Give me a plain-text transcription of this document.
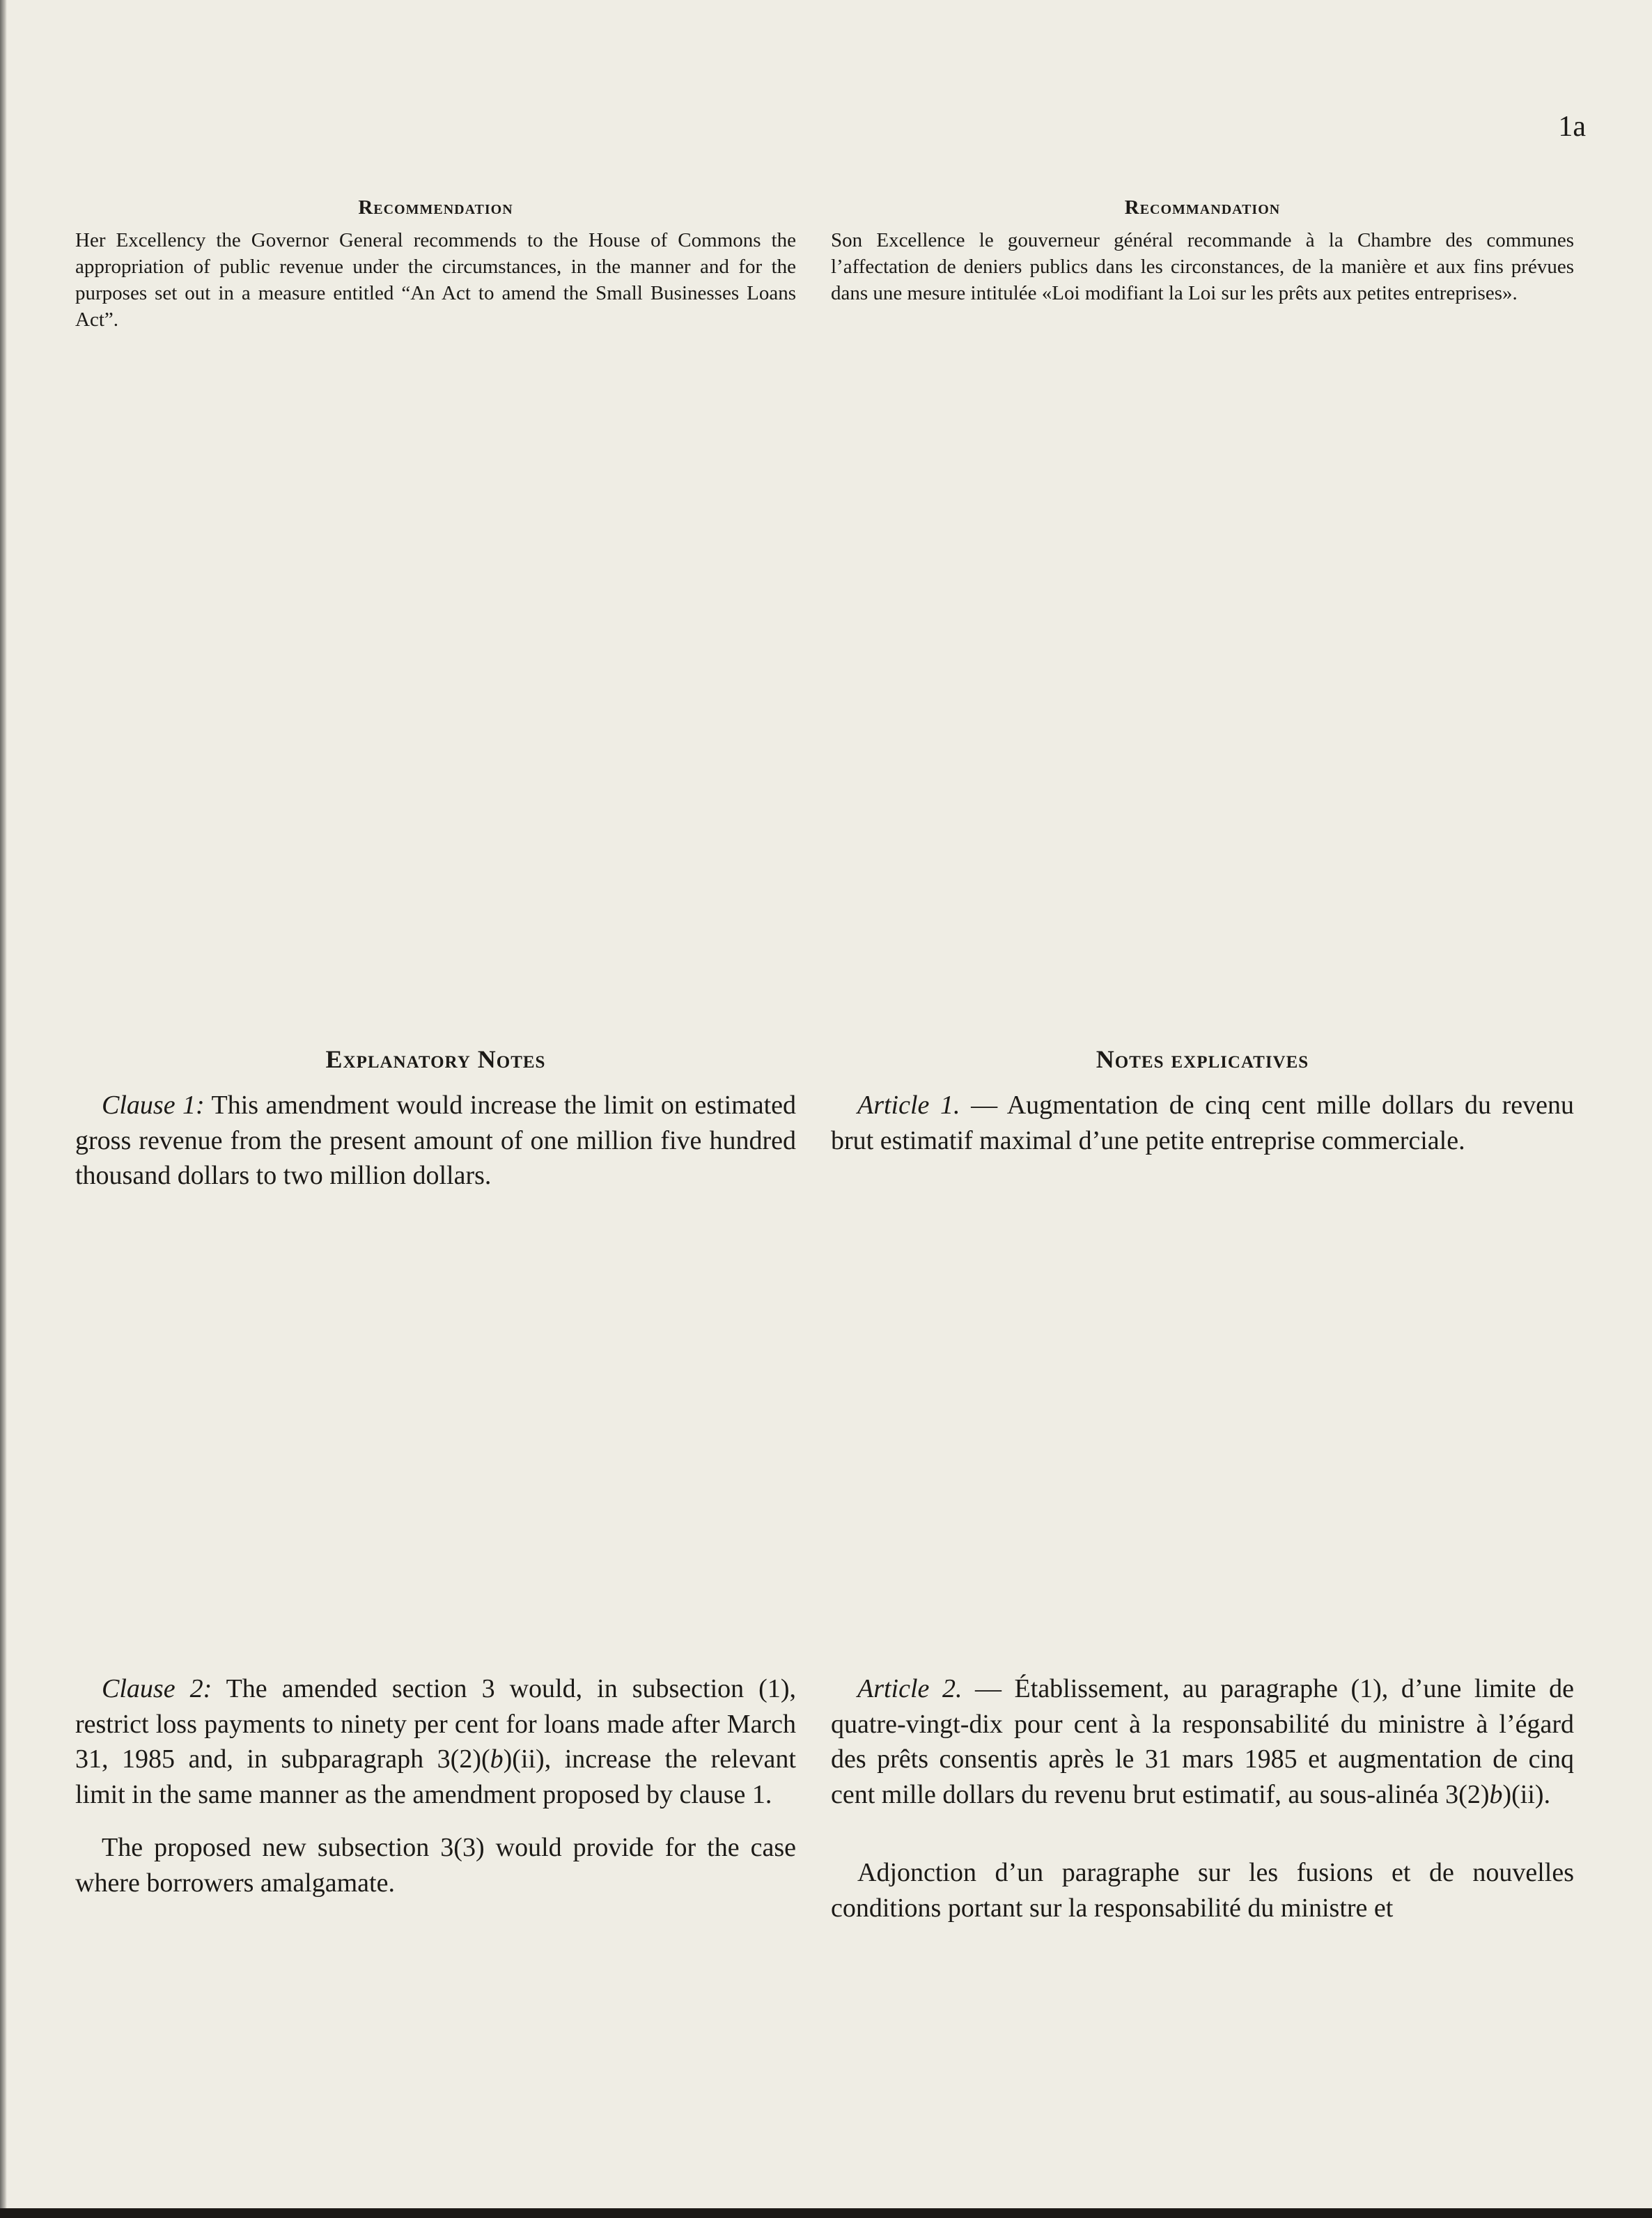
1a
Recommendation

Her Excellency the Governor General recommends to the House of Commons the appropriation of public revenue under the circumstances, in the manner and for the purposes set out in a measure entitled “An Act to amend the Small Businesses Loans Act”.

Recommandation

Son Excellence le gouverneur général recommande à la Chambre des communes l’affectation de deniers publics dans les circonstances, de la manière et aux fins prévues dans une mesure intitulée «Loi modifiant la Loi sur les prêts aux petites entreprises».

Explanatory Notes

Clause 1: This amendment would increase the limit on estimated gross revenue from the present amount of one million five hundred thousand dollars to two million dollars.

Clause 2: The amended section 3 would, in subsection (1), restrict loss payments to ninety per cent for loans made after March 31, 1985 and, in subparagraph 3(2)(b)(ii), increase the relevant limit in the same manner as the amendment proposed by clause 1.

The proposed new subsection 3(3) would provide for the case where borrowers amalgamate.

Notes explicatives

Article 1. — Augmentation de cinq cent mille dollars du revenu brut estimatif maximal d’une petite entreprise commerciale.

Article 2. — Établissement, au paragraphe (1), d’une limite de quatre-vingt-dix pour cent à la responsabilité du ministre à l’égard des prêts consentis après le 31 mars 1985 et augmentation de cinq cent mille dollars du revenu brut estimatif, au sous-alinéa 3(2)b)(ii).

Adjonction d’un paragraphe sur les fusions et de nouvelles conditions portant sur la responsabilité du ministre et
